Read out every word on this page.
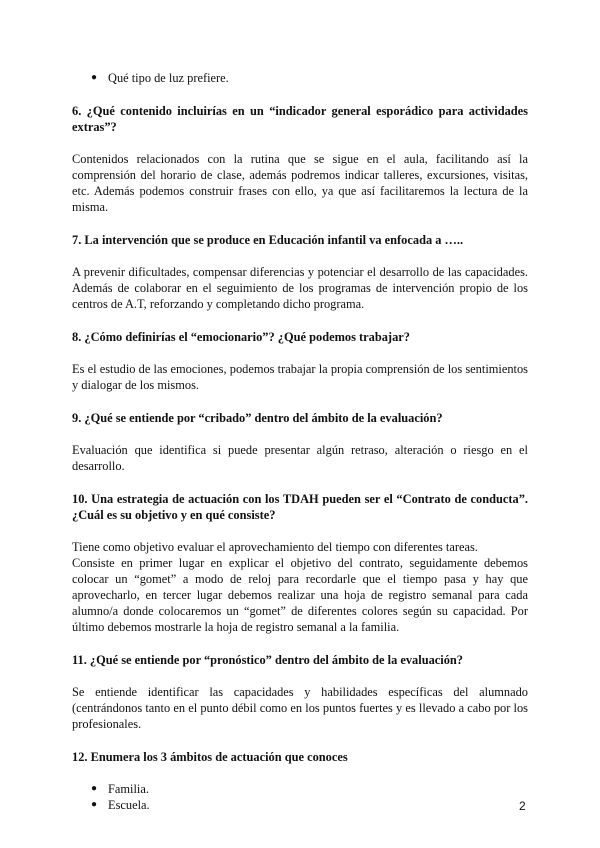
● Qué tipo de luz prefiere.

6. ¿Qué contenido incluirías en un “indicador general esporádico para actividades extras”?

Contenidos relacionados con la rutina que se sigue en el aula, facilitando así la comprensión del horario de clase, además podremos indicar talleres, excursiones, visitas, etc. Además podemos construir frases con ello, ya que así facilitaremos la lectura de la misma.

7. La intervención que se produce en Educación infantil va enfocada a …..

A prevenir dificultades, compensar diferencias y potenciar el desarrollo de las capacidades. Además de colaborar en el seguimiento de los programas de intervención propio de los centros de A.T, reforzando y completando dicho programa.

8. ¿Cómo definirías el “emocionario”? ¿Qué podemos trabajar?

Es el estudio de las emociones, podemos trabajar la propia comprensión de los sentimientos y dialogar de los mismos.

9. ¿Qué se entiende por “cribado” dentro del ámbito de la evaluación?

Evaluación que identifica si puede presentar algún retraso, alteración o riesgo en el desarrollo.

10. Una estrategia de actuación con los TDAH pueden ser el “Contrato de conducta”. ¿Cuál es su objetivo y en qué consiste?

Tiene como objetivo evaluar el aprovechamiento del tiempo con diferentes tareas.

Consiste en primer lugar en explicar el objetivo del contrato, seguidamente debemos colocar un “gomet” a modo de reloj para recordarle que el tiempo pasa y hay que aprovecharlo, en tercer lugar debemos realizar una hoja de registro semanal para cada alumno/a donde colocaremos un “gomet” de diferentes colores según su capacidad. Por último debemos mostrarle la hoja de registro semanal a la familia.

11. ¿Qué se entiende por “pronóstico” dentro del ámbito de la evaluación?

Se entiende identificar las capacidades y habilidades específicas del alumnado (centrándonos tanto en el punto débil como en los puntos fuertes y es llevado a cabo por los profesionales.

12. Enumera los 3 ámbitos de actuación que conoces

● Familia.
● Escuela.	2
